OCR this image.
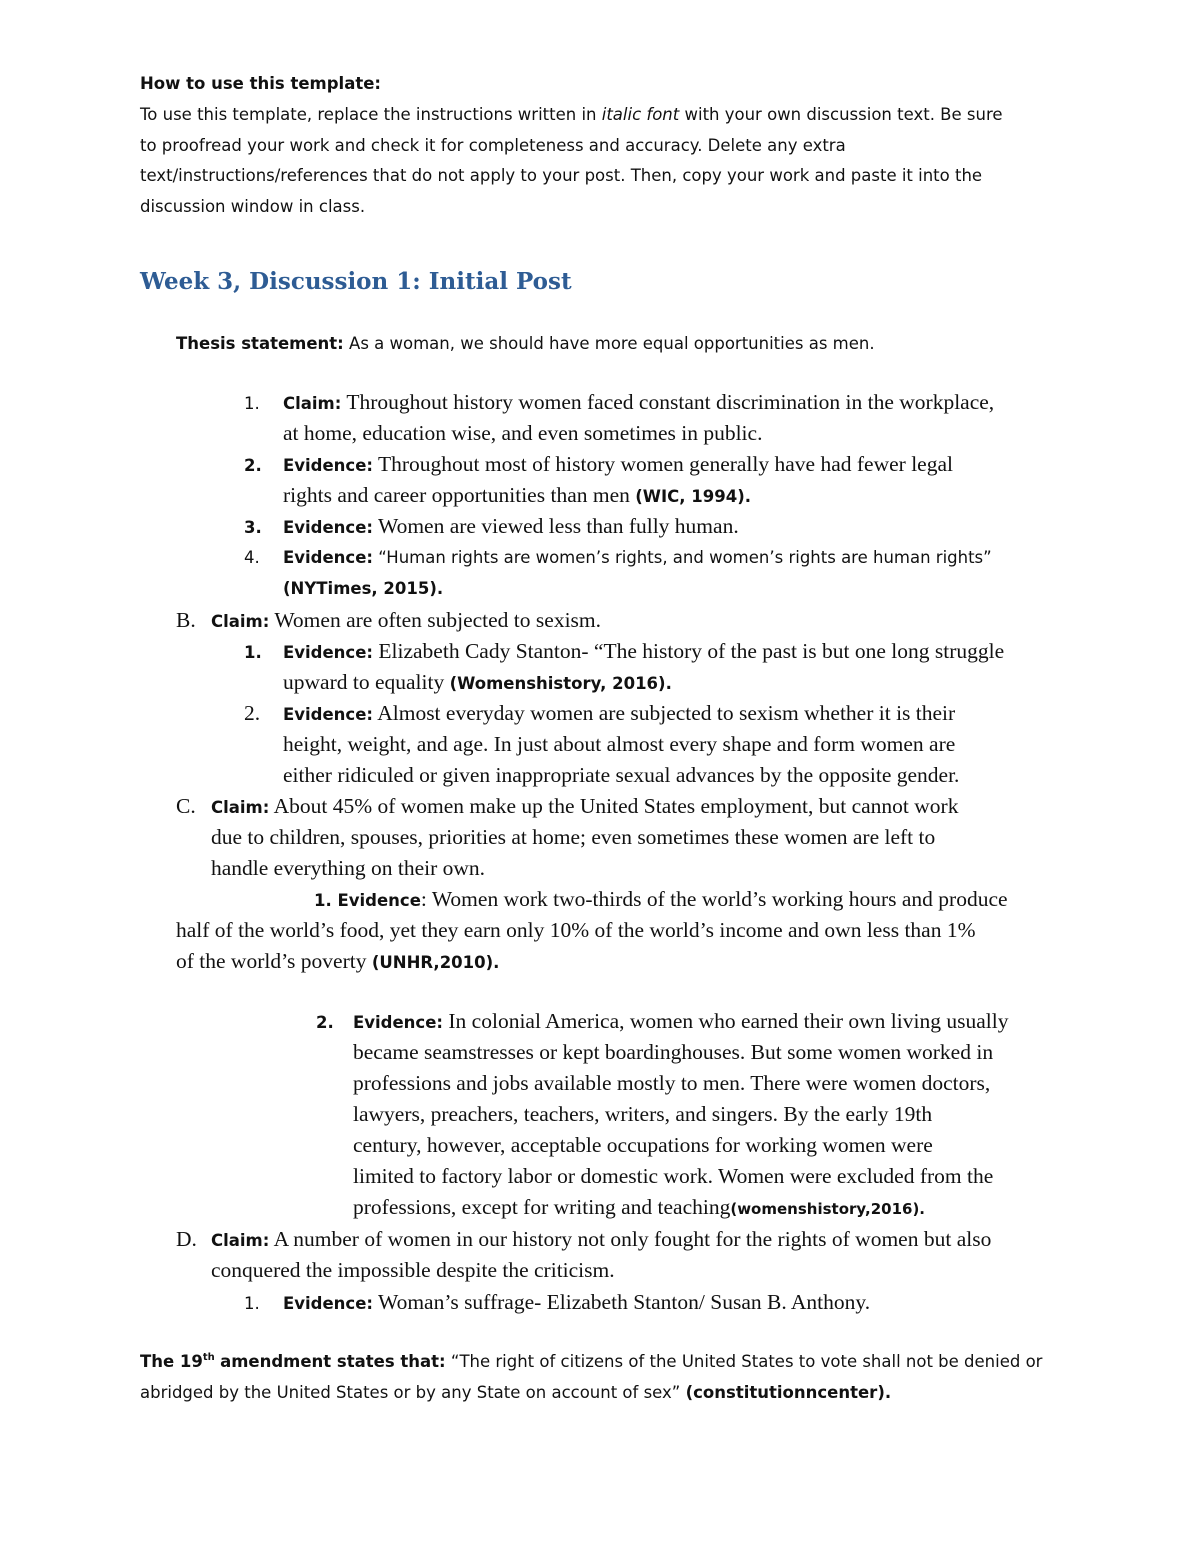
How to use this template:
To use this template, replace the instructions written in italic font with your own discussion text. Be sure
to proofread your work and check it for completeness and accuracy. Delete any extra
text/instructions/references that do not apply to your post. Then, copy your work and paste it into the
discussion window in class.
Week 3, Discussion 1: Initial Post
Thesis statement: As a woman, we should have more equal opportunities as men.
1. Claim: Throughout history women faced constant discrimination in the workplace,
at home, education wise, and even sometimes in public.
2. Evidence: Throughout most of history women generally have had fewer legal
rights and career opportunities than men (WIC, 1994).
3. Evidence: Women are viewed less than fully human.
4. Evidence: “Human rights are women’s rights, and women’s rights are human rights”
(NYTimes, 2015).
B. Claim: Women are often subjected to sexism.
1. Evidence: Elizabeth Cady Stanton- “The history of the past is but one long struggle
upward to equality (Womenshistory, 2016).
2. Evidence: Almost everyday women are subjected to sexism whether it is their
height, weight, and age. In just about almost every shape and form women are
either ridiculed or given inappropriate sexual advances by the opposite gender.
C. Claim: About 45% of women make up the United States employment, but cannot work
due to children, spouses, priorities at home; even sometimes these women are left to
handle everything on their own.
1. Evidence: Women work two-thirds of the world’s working hours and produce
half of the world’s food, yet they earn only 10% of the world’s income and own less than 1%
of the world’s poverty (UNHR,2010).
2. Evidence: In colonial America, women who earned their own living usually
became seamstresses or kept boardinghouses. But some women worked in
professions and jobs available mostly to men. There were women doctors,
lawyers, preachers, teachers, writers, and singers. By the early 19th
century, however, acceptable occupations for working women were
limited to factory labor or domestic work. Women were excluded from the
professions, except for writing and teaching(womenshistory,2016).
D. Claim: A number of women in our history not only fought for the rights of women but also
conquered the impossible despite the criticism.
1. Evidence: Woman’s suffrage- Elizabeth Stanton/ Susan B. Anthony.
The 19th amendment states that: “The right of citizens of the United States to vote shall not be denied or
abridged by the United States or by any State on account of sex” (constitutionncenter).
